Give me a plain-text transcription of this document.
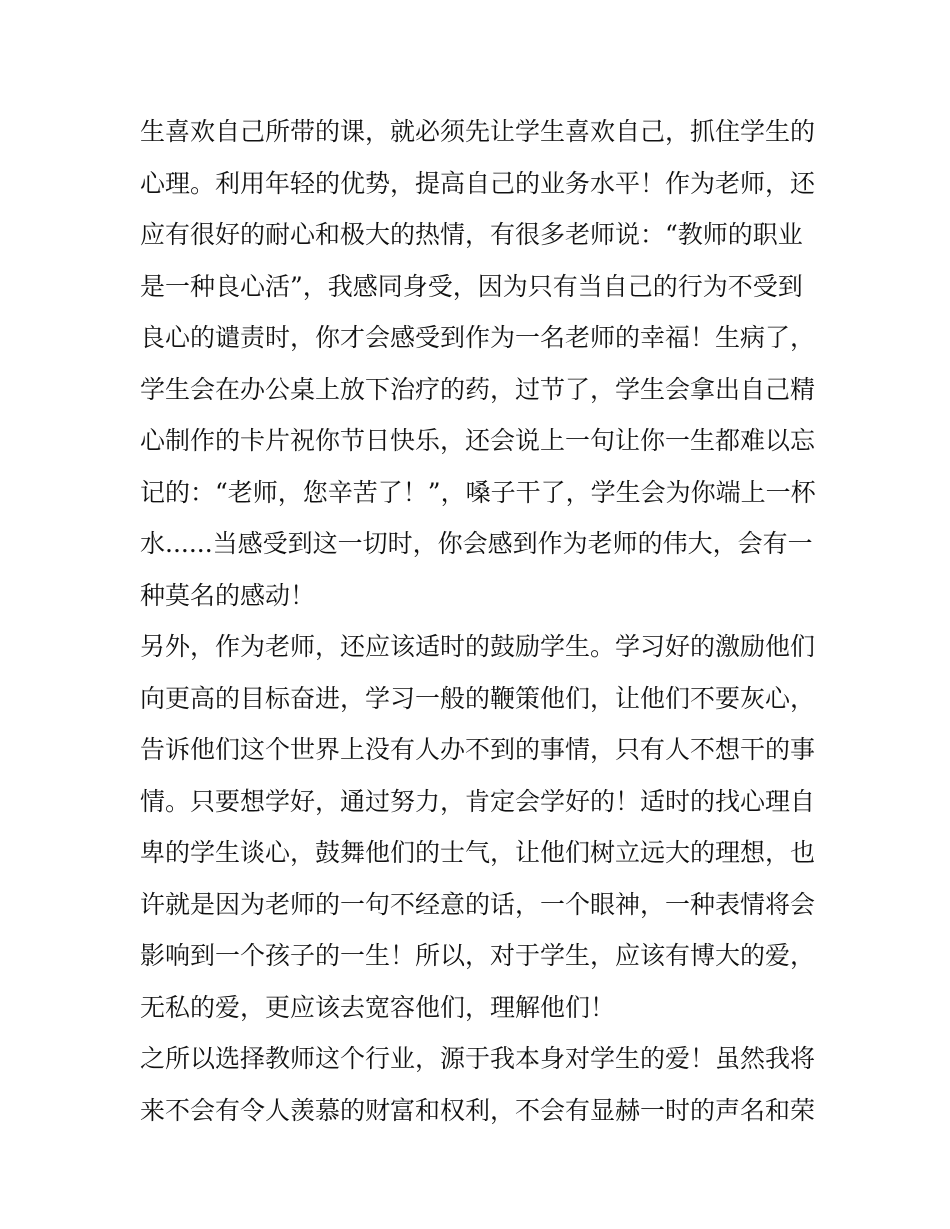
生喜欢自己所带的课，就必须先让学生喜欢自己，抓住学生的
心理。利用年轻的优势，提高自己的业务水平！作为老师，还
应有很好的耐心和极大的热情，有很多老师说：“教师的职业
是一种良心活”，我感同身受，因为只有当自己的行为不受到
良心的谴责时，你才会感受到作为一名老师的幸福！生病了，
学生会在办公桌上放下治疗的药，过节了，学生会拿出自己精
心制作的卡片祝你节日快乐，还会说上一句让你一生都难以忘
记的：“老师，您辛苦了！”，嗓子干了，学生会为你端上一杯
水......当感受到这一切时，你会感到作为老师的伟大，会有一
种莫名的感动！
另外，作为老师，还应该适时的鼓励学生。学习好的激励他们
向更高的目标奋进，学习一般的鞭策他们，让他们不要灰心，
告诉他们这个世界上没有人办不到的事情，只有人不想干的事
情。只要想学好，通过努力，肯定会学好的！适时的找心理自
卑的学生谈心，鼓舞他们的士气，让他们树立远大的理想，也
许就是因为老师的一句不经意的话，一个眼神，一种表情将会
影响到一个孩子的一生！所以，对于学生，应该有博大的爱，
无私的爱，更应该去宽容他们，理解他们！
之所以选择教师这个行业，源于我本身对学生的爱！虽然我将
来不会有令人羡慕的财富和权利，不会有显赫一时的声名和荣
